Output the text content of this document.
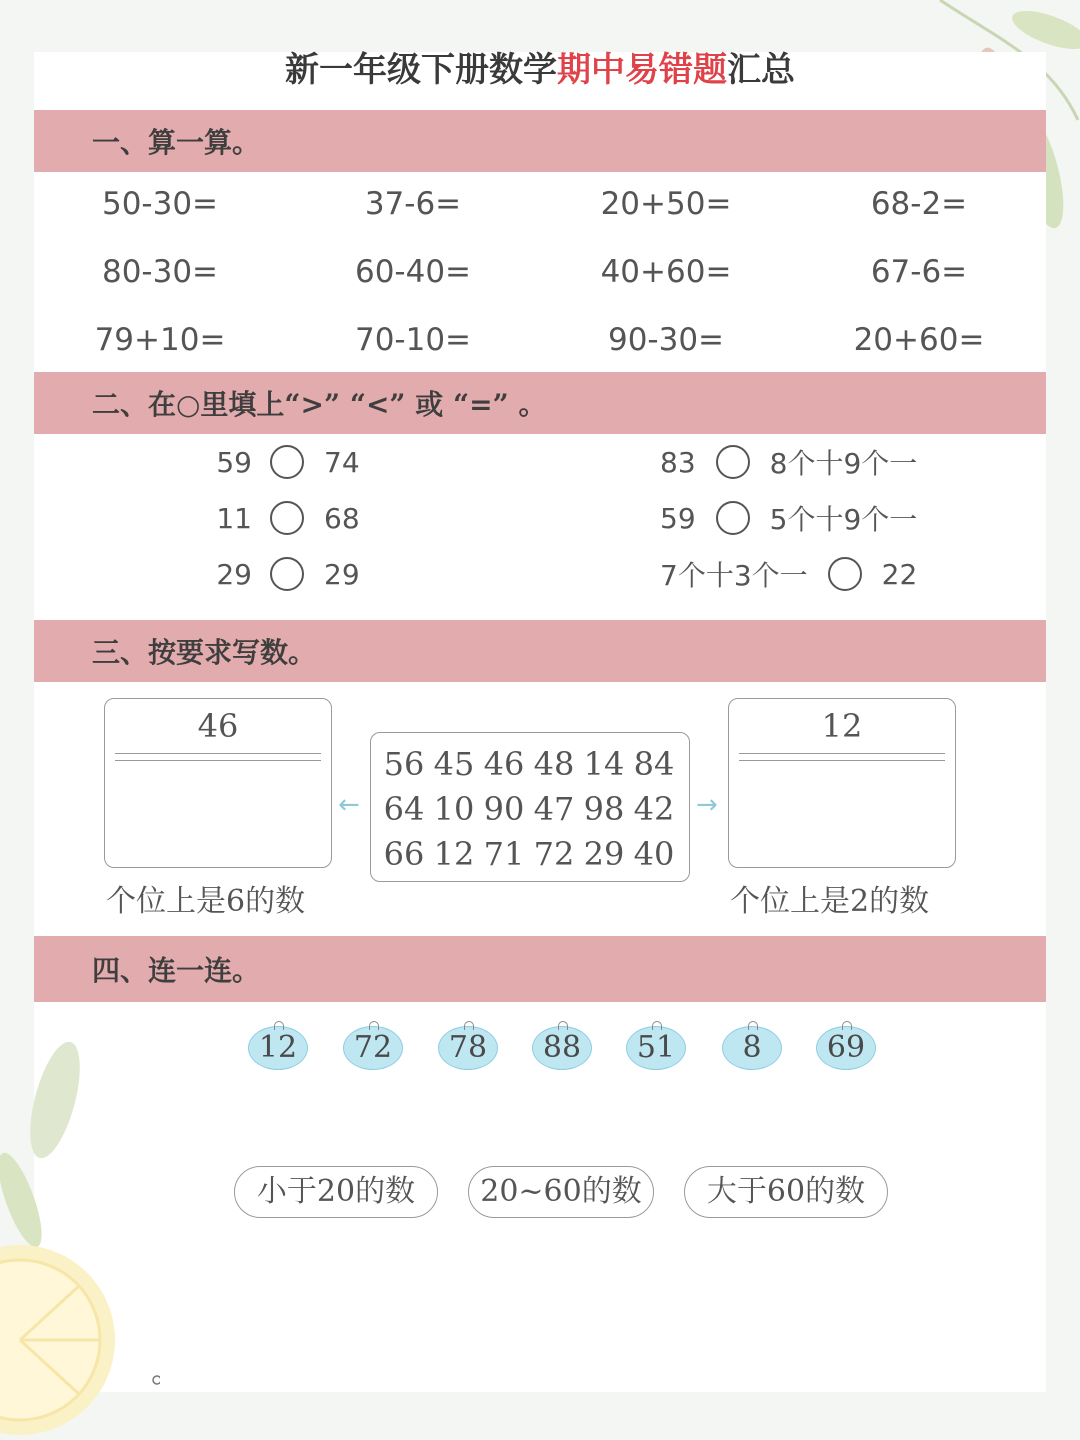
新一年级下册数学期中易错题汇总
一、算一算。
50-30=	37-6=	20+50=	68-2=
80-30=	60-40=	40+60=	67-6=
79+10=	70-10=	90-30=	20+60=
二、在○里填上“>” “<” 或 “=” 。
59	74
11	68
29	29
83	8个十9个一
59	5个十9个一
7个十3个一	22
三、按要求写数。
46
个位上是6的数
←
56 45 46 48 14 84
64 10 90 47 98 42
66 12 71 72 29 40
→
12
个位上是2的数
四、连一连。
12	72	78	88	51	8	69
小于20的数	20~60的数	大于60的数
